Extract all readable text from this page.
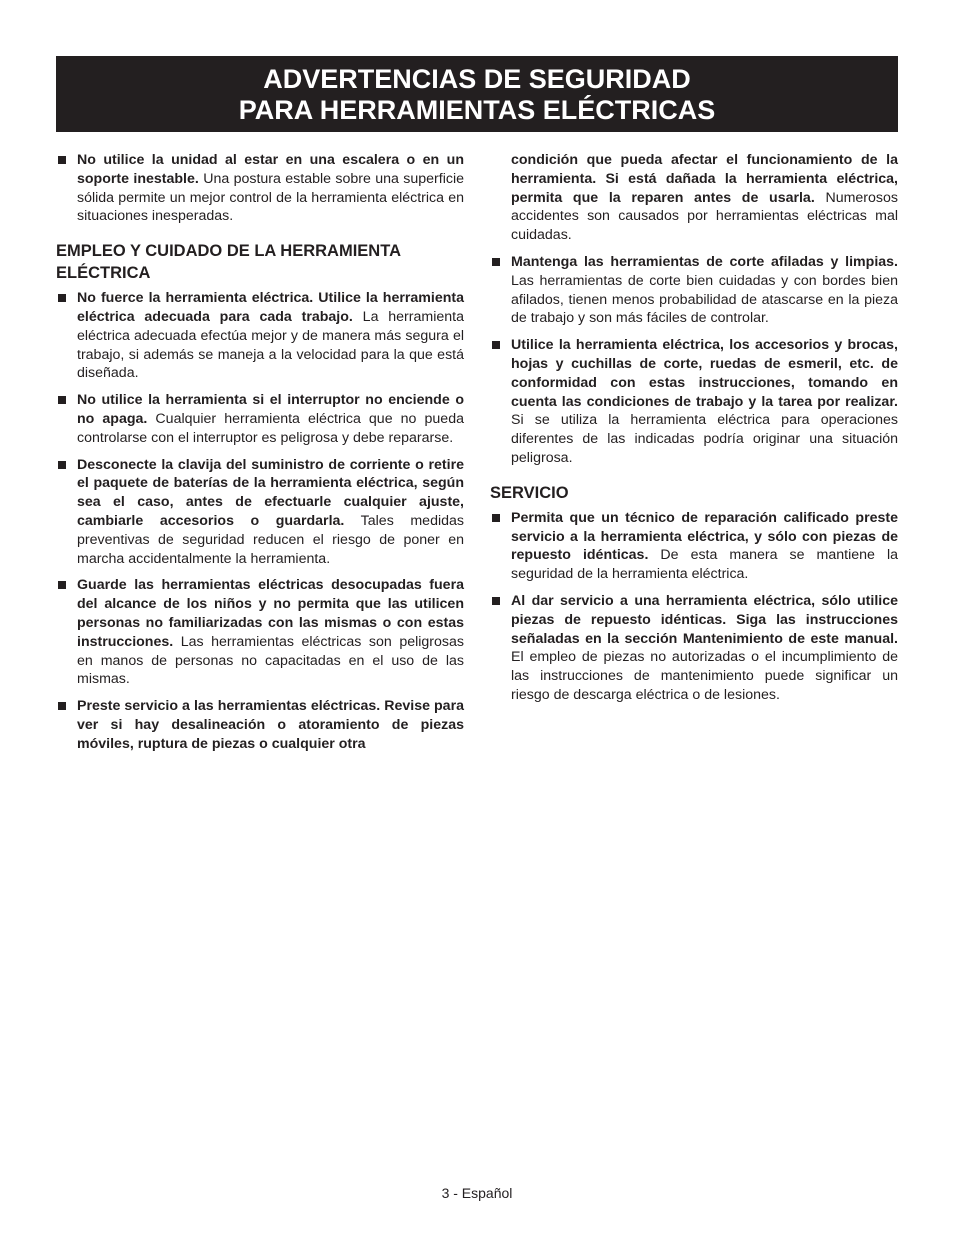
ADVERTENCIAS DE SEGURIDAD
PARA HERRAMIENTAS ELÉCTRICAS

No utilice la unidad al estar en una escalera o en un soporte inestable. Una postura estable sobre una superficie sólida permite un mejor control de la herramienta eléctrica en situaciones inesperadas.

EMPLEO Y CUIDADO DE LA HERRAMIENTA ELÉCTRICA

No fuerce la herramienta eléctrica. Utilice la herramienta eléctrica adecuada para cada trabajo. La herramienta eléctrica adecuada efectúa mejor y de manera más segura el trabajo, si además se maneja a la velocidad para la que está diseñada.

No utilice la herramienta si el interruptor no enciende o no apaga. Cualquier herramienta eléctrica que no pueda controlarse con el interruptor es peligrosa y debe repararse.

Desconecte la clavija del suministro de corriente o retire el paquete de baterías de la herramienta eléctrica, según sea el caso, antes de efectuarle cualquier ajuste, cambiarle accesorios o guardarla. Tales medidas preventivas de seguridad reducen el riesgo de poner en marcha accidentalmente la herramienta.

Guarde las herramientas eléctricas desocupadas fuera del alcance de los niños y no permita que las utilicen personas no familiarizadas con las mismas o con estas instrucciones. Las herramientas eléctricas son peligrosas en manos de personas no capacitadas en el uso de las mismas.

Preste servicio a las herramientas eléctricas. Revise para ver si hay desalineación o atoramiento de piezas móviles, ruptura de piezas o cualquier otra

condición que pueda afectar el funcionamiento de la herramienta. Si está dañada la herramienta eléctrica, permita que la reparen antes de usarla. Numerosos accidentes son causados por herramientas eléctricas mal cuidadas.

Mantenga las herramientas de corte afiladas y limpias. Las herramientas de corte bien cuidadas y con bordes bien afilados, tienen menos probabilidad de atascarse en la pieza de trabajo y son más fáciles de controlar.

Utilice la herramienta eléctrica, los accesorios y brocas, hojas y cuchillas de corte, ruedas de esmeril, etc. de conformidad con estas instrucciones, tomando en cuenta las condiciones de trabajo y la tarea por realizar. Si se utiliza la herramienta eléctrica para operaciones diferentes de las indicadas podría originar una situación peligrosa.

SERVICIO

Permita que un técnico de reparación calificado preste servicio a la herramienta eléctrica, y sólo con piezas de repuesto idénticas. De esta manera se mantiene la seguridad de la herramienta eléctrica.

Al dar servicio a una herramienta eléctrica, sólo utilice piezas de repuesto idénticas. Siga las instrucciones señaladas en la sección Mantenimiento de este manual. El empleo de piezas no autorizadas o el incumplimiento de las instrucciones de mantenimiento puede significar un riesgo de descarga eléctrica o de lesiones.

3 - Español
